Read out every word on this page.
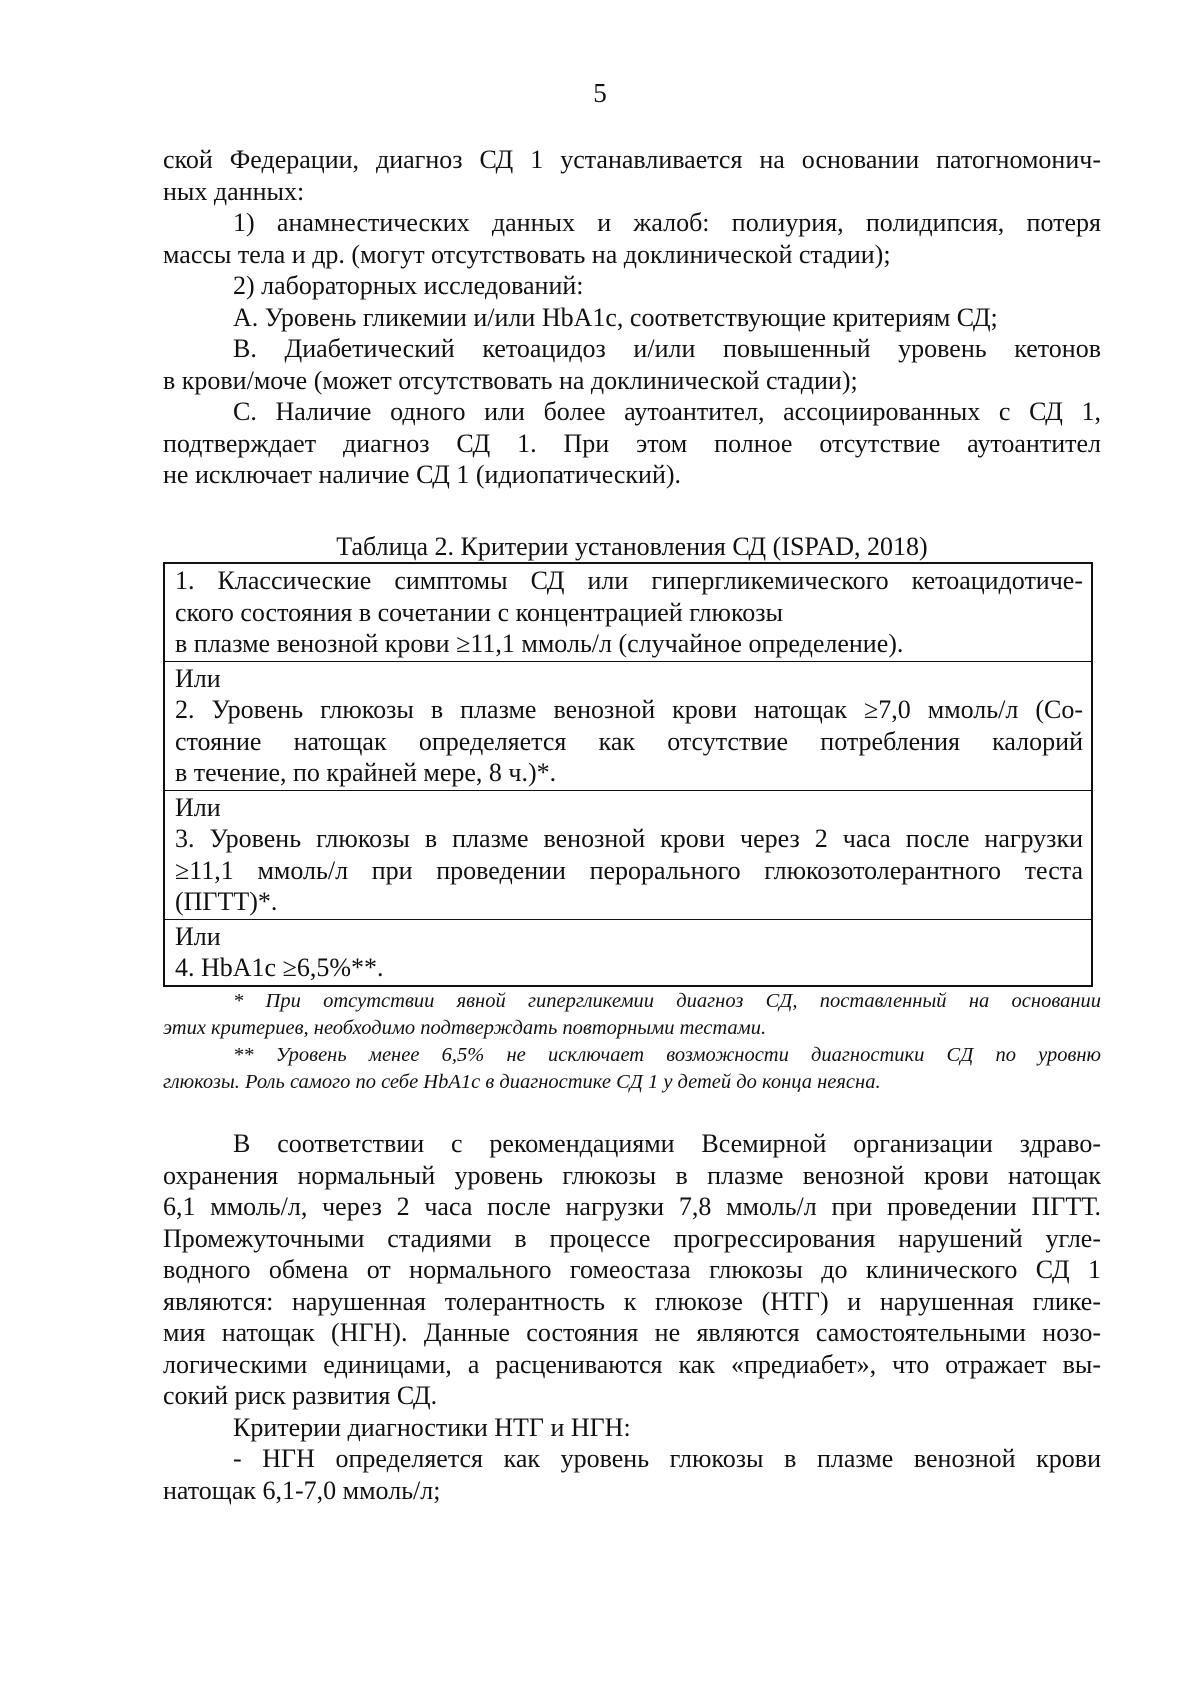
5

ской Федерации, диагноз СД 1 устанавливается на основании патогномонич-

ных данных:

1) анамнестических данных и жалоб: полиурия, полидипсия, потеря

массы тела и др. (могут отсутствовать на доклинической стадии);

2) лабораторных исследований:

А. Уровень гликемии и/или HbA1c, соответствующие критериям СД;

В. Диабетический кетоацидоз и/или повышенный уровень кетонов

в крови/моче (может отсутствовать на доклинической стадии);

С. Наличие одного или более аутоантител, ассоциированных с СД 1,

подтверждает диагноз СД 1. При этом полное отсутствие аутоантител

не исключает наличие СД 1 (идиопатический).

Таблица 2. Критерии установления СД (ISPAD, 2018)

1. Классические симптомы СД или гипергликемического кетоацидотиче-

ского состояния в сочетании с концентрацией глюкозы

в плазме венозной крови ≥11,1 ммоль/л (случайное определение).

Или

2. Уровень глюкозы в плазме венозной крови натощак ≥7,0 ммоль/л (Со-

стояние натощак определяется как отсутствие потребления калорий

в течение, по крайней мере, 8 ч.)*.

Или

3. Уровень глюкозы в плазме венозной крови через 2 часа после нагрузки

≥11,1 ммоль/л при проведении перорального глюкозотолерантного теста

(ПГТТ)*.

Или

4. HbA1c ≥6,5%**.

* При отсутствии явной гипергликемии диагноз СД, поставленный на основании

этих критериев, необходимо подтверждать повторными тестами.

** Уровень менее 6,5% не исключает возможности диагностики СД по уровню

глюкозы. Роль самого по себе HbA1c в диагностике СД 1 у детей до конца неясна.

В соответствии с рекомендациями Всемирной организации здраво-

охранения нормальный уровень глюкозы в плазме венозной крови натощак

6,1 ммоль/л, через 2 часа после нагрузки 7,8 ммоль/л при проведении ПГТТ.

Промежуточными стадиями в процессе прогрессирования нарушений угле-

водного обмена от нормального гомеостаза глюкозы до клинического СД 1

являются: нарушенная толерантность к глюкозе (НТГ) и нарушенная глике-

мия натощак (НГН). Данные состояния не являются самостоятельными нозо-

логическими единицами, а расцениваются как «предиабет», что отражает вы-

сокий риск развития СД.

Критерии диагностики НТГ и НГН:

- НГН определяется как уровень глюкозы в плазме венозной крови

натощак 6,1-7,0 ммоль/л;
